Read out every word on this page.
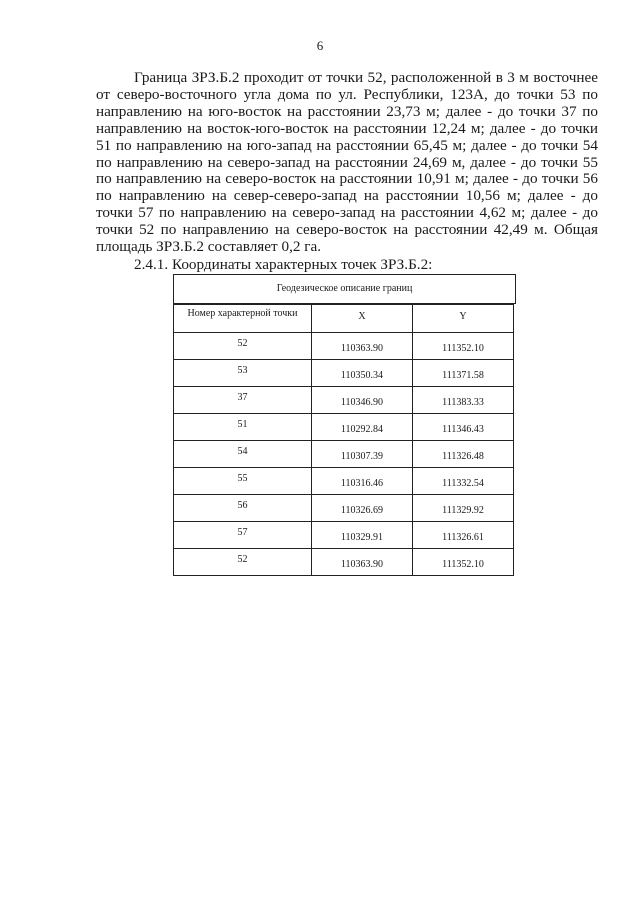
6

Граница ЗРЗ.Б.2 проходит от точки 52, расположенной в 3 м восточнее от северо-восточного угла дома по ул. Республики, 123А, до точки 53 по направлению на юго-восток на расстоянии 23,73 м; далее - до точки 37 по направлению на восток-юго-восток на расстоянии 12,24 м; далее - до точки 51 по направлению на юго-запад на расстоянии 65,45 м; далее - до точки 54 по направлению на северо-запад на расстоянии 24,69 м, далее - до точки 55 по направлению на северо-восток на расстоянии 10,91 м; далее - до точки 56 по направлению на север-северо-запад на расстоянии 10,56 м; далее - до точки 57 по направлению на северо-запад на расстоянии 4,62 м; далее - до точки 52 по направлению на северо-восток на расстоянии 42,49 м. Общая площадь ЗРЗ.Б.2 составляет 0,2 га.

2.4.1. Координаты характерных точек ЗРЗ.Б.2:

Геодезическое описание границ
Номер характерной точки	X	Y
52	110363.90	111352.10
53	110350.34	111371.58
37	110346.90	111383.33
51	110292.84	111346.43
54	110307.39	111326.48
55	110316.46	111332.54
56	110326.69	111329.92
57	110329.91	111326.61
52	110363.90	111352.10
